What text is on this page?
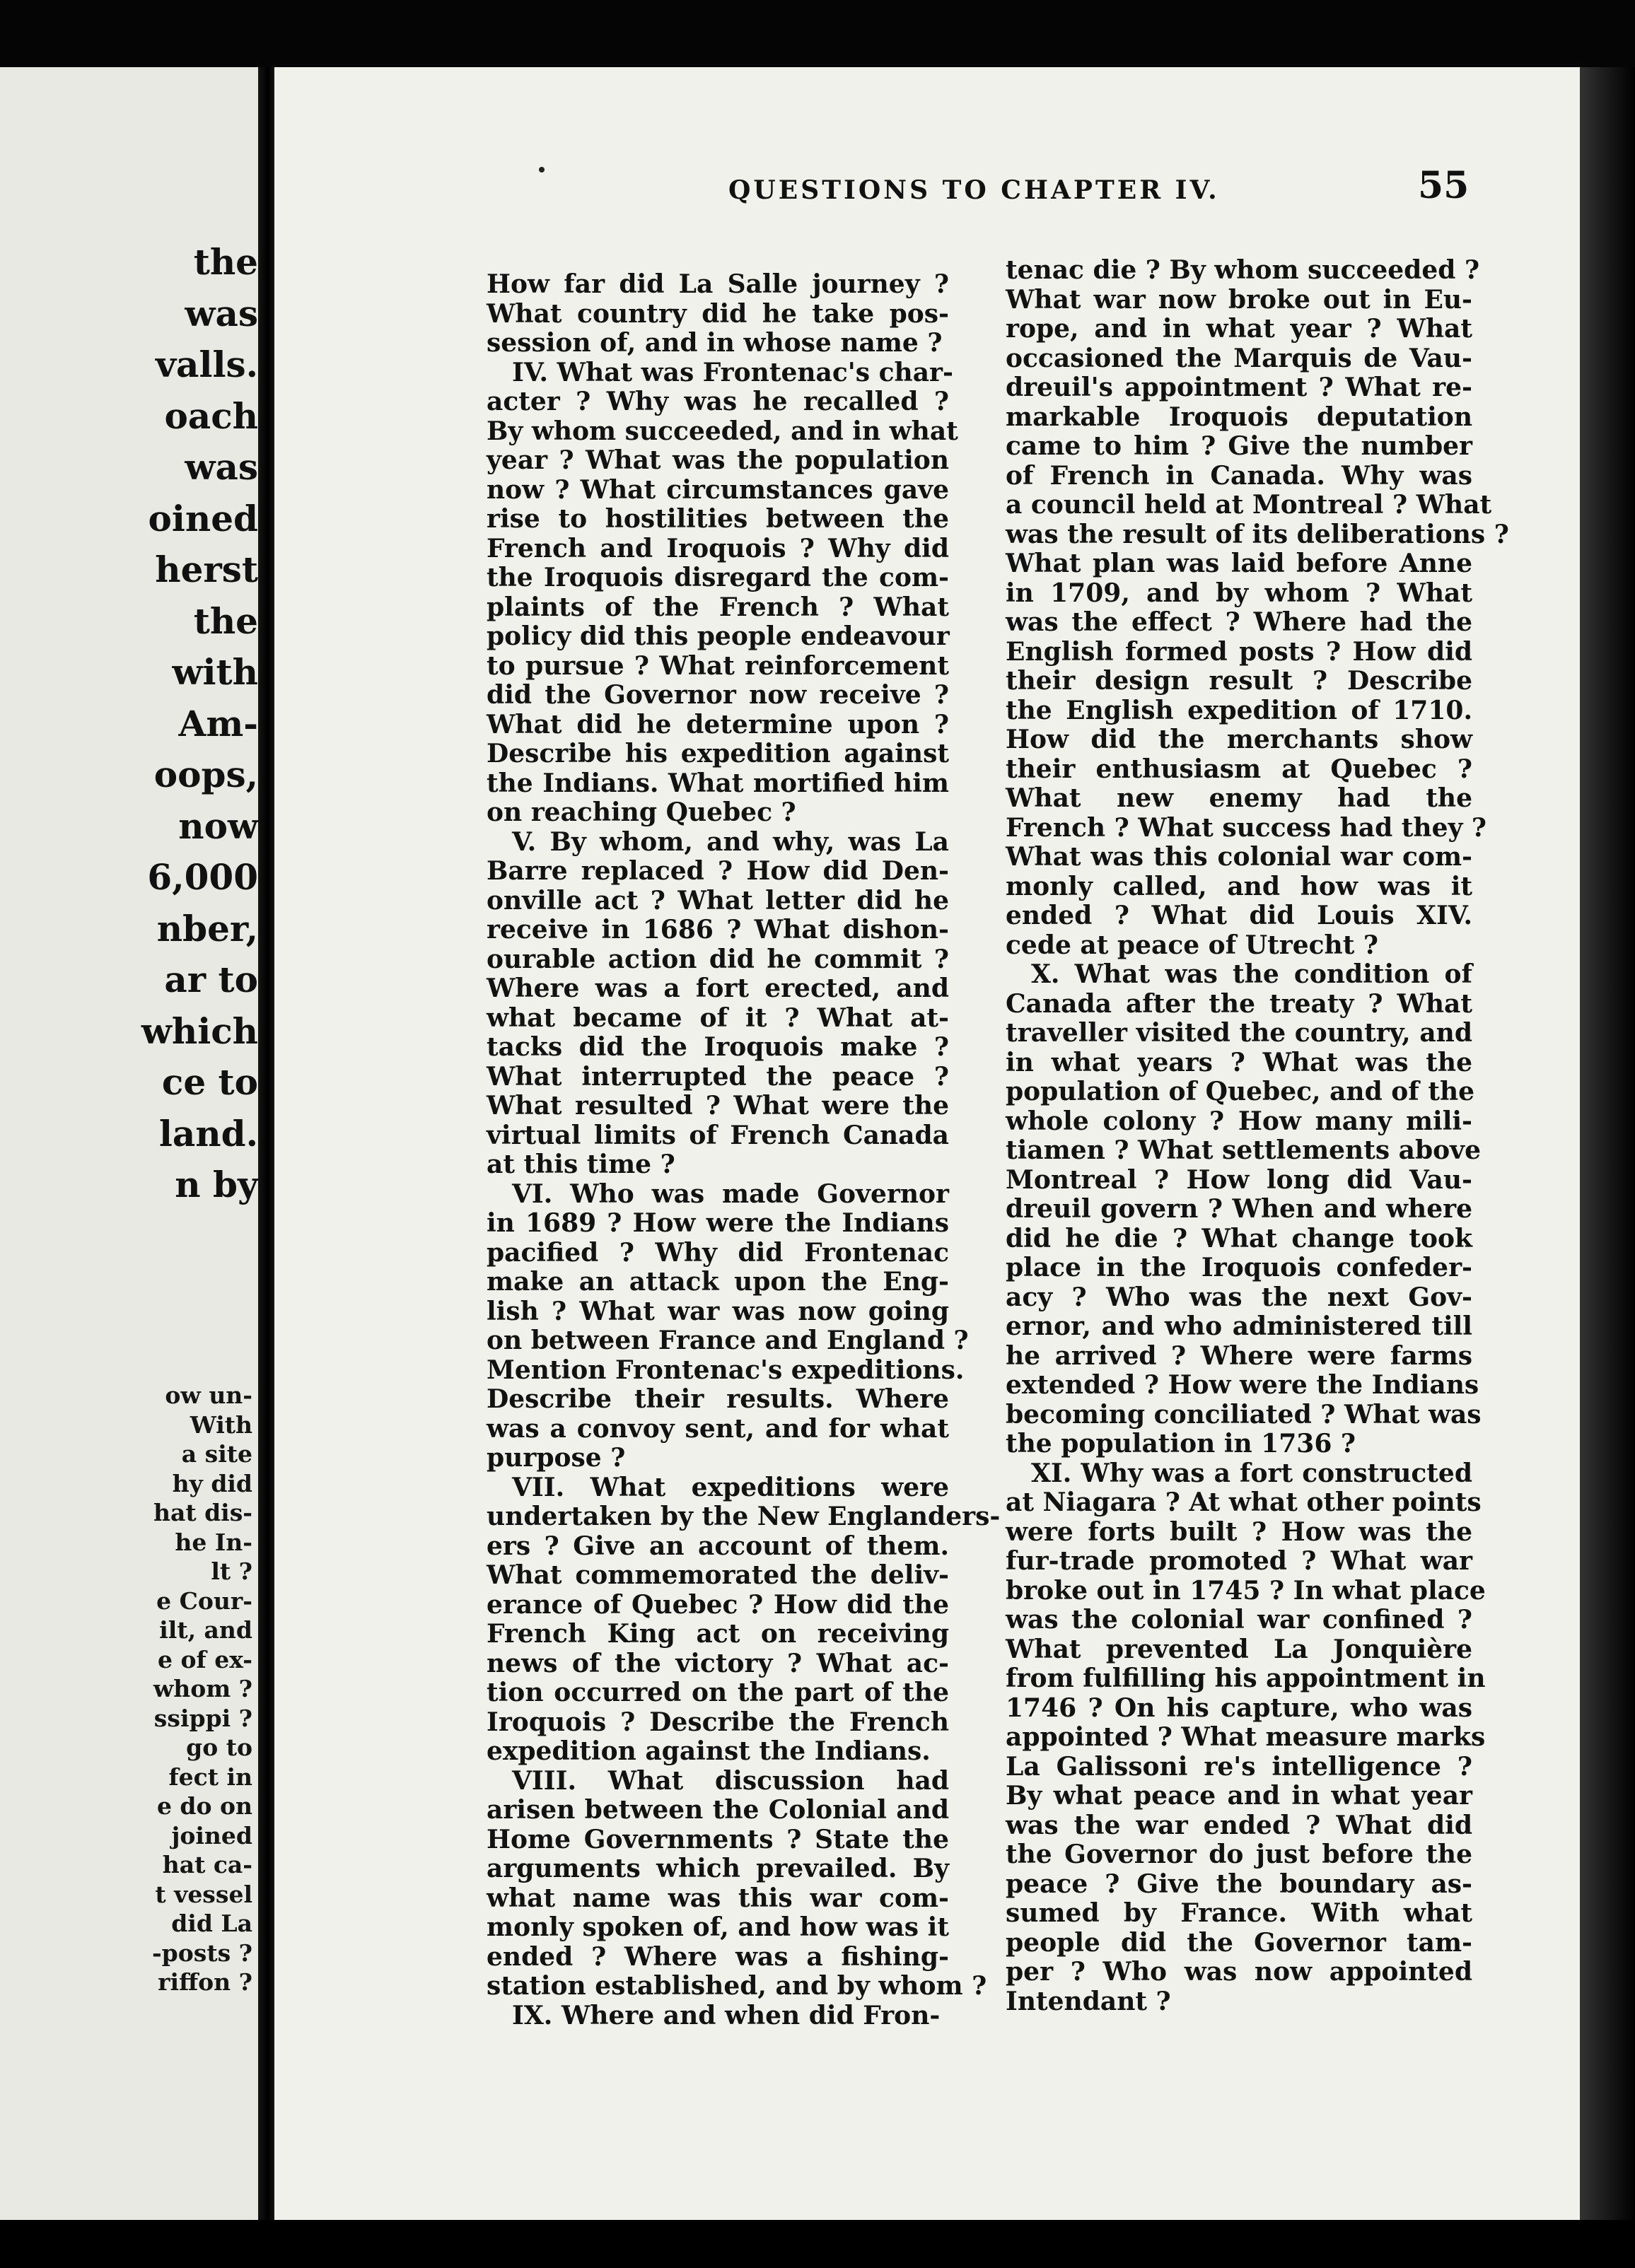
the
was
valls.
oach
was
oined
herst
the
with
Am-
oops,
now
6,000
nber,
ar to
which
ce to
land.
n by
ow un-
With
a site
hy did
hat dis-
he In-
lt ?
e Cour-
ilt, and
e of ex-
whom ?
ssippi ?
go to
fect in
e do on
joined
hat ca-
t vessel
did La
-posts ?
riffon ?
QUESTIONS TO CHAPTER IV.	55
How far did La Salle journey ?
What country did he take pos-
session of, and in whose name ?
IV. What was Frontenac's char-
acter ? Why was he recalled ?
By whom succeeded, and in what
year ? What was the population
now ? What circumstances gave
rise to hostilities between the
French and Iroquois ? Why did
the Iroquois disregard the com-
plaints of the French ? What
policy did this people endeavour
to pursue ? What reinforcement
did the Governor now receive ?
What did he determine upon ?
Describe his expedition against
the Indians. What mortified him
on reaching Quebec ?
V. By whom, and why, was La
Barre replaced ? How did Den-
onville act ? What letter did he
receive in 1686 ? What dishon-
ourable action did he commit ?
Where was a fort erected, and
what became of it ? What at-
tacks did the Iroquois make ?
What interrupted the peace ?
What resulted ? What were the
virtual limits of French Canada
at this time ?
VI. Who was made Governor
in 1689 ? How were the Indians
pacified ? Why did Frontenac
make an attack upon the Eng-
lish ? What war was now going
on between France and England ?
Mention Frontenac's expeditions.
Describe their results. Where
was a convoy sent, and for what
purpose ?
VII. What expeditions were
undertaken by the New Englanders-
ers ? Give an account of them.
What commemorated the deliv-
erance of Quebec ? How did the
French King act on receiving
news of the victory ? What ac-
tion occurred on the part of the
Iroquois ? Describe the French
expedition against the Indians.
VIII. What discussion had
arisen between the Colonial and
Home Governments ? State the
arguments which prevailed. By
what name was this war com-
monly spoken of, and how was it
ended ? Where was a fishing-
station established, and by whom ?
IX. Where and when did Fron-
tenac die ? By whom succeeded ?
What war now broke out in Eu-
rope, and in what year ? What
occasioned the Marquis de Vau-
dreuil's appointment ? What re-
markable Iroquois deputation
came to him ? Give the number
of French in Canada. Why was
a council held at Montreal ? What
was the result of its deliberations ?
What plan was laid before Anne
in 1709, and by whom ? What
was the effect ? Where had the
English formed posts ? How did
their design result ? Describe
the English expedition of 1710.
How did the merchants show
their enthusiasm at Quebec ?
What new enemy had the
French ? What success had they ?
What was this colonial war com-
monly called, and how was it
ended ? What did Louis XIV.
cede at peace of Utrecht ?
X. What was the condition of
Canada after the treaty ? What
traveller visited the country, and
in what years ? What was the
population of Quebec, and of the
whole colony ? How many mili-
tiamen ? What settlements above
Montreal ? How long did Vau-
dreuil govern ? When and where
did he die ? What change took
place in the Iroquois confeder-
acy ? Who was the next Gov-
ernor, and who administered till
he arrived ? Where were farms
extended ? How were the Indians
becoming conciliated ? What was
the population in 1736 ?
XI. Why was a fort constructed
at Niagara ? At what other points
were forts built ? How was the
fur-trade promoted ? What war
broke out in 1745 ? In what place
was the colonial war confined ?
What prevented La Jonquière
from fulfilling his appointment in
1746 ? On his capture, who was
appointed ? What measure marks
La Galissoni re's intelligence ?
By what peace and in what year
was the war ended ? What did
the Governor do just before the
peace ? Give the boundary as-
sumed by France. With what
people did the Governor tam-
per ? Who was now appointed
Intendant ?
